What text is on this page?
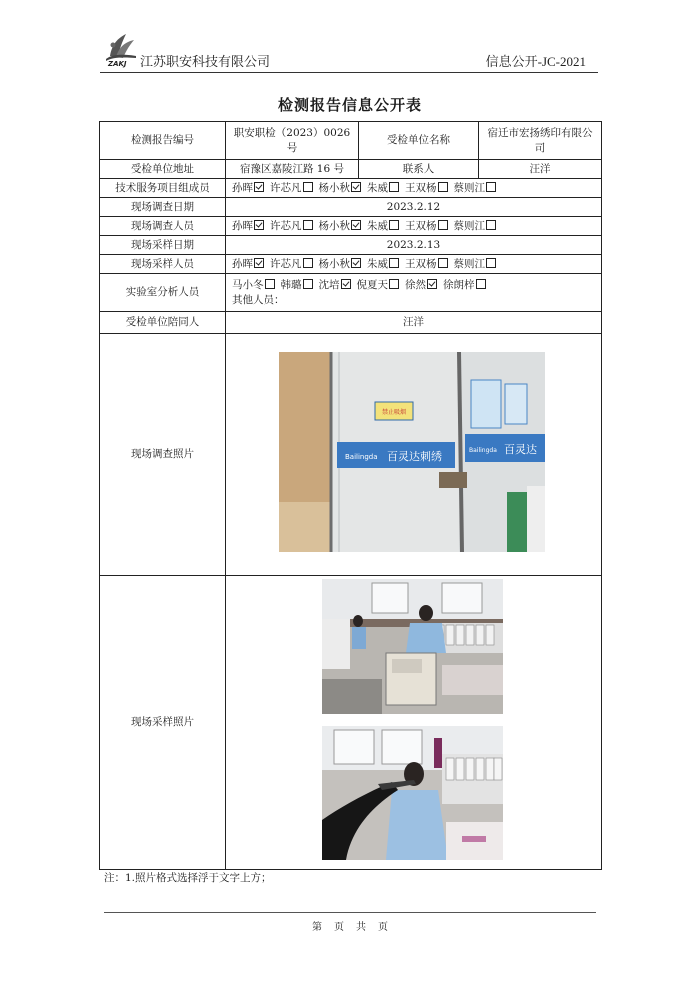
ZAKJ 江苏职安科技有限公司	信息公开-JC-2021
检测报告信息公开表
检测报告编号	职安职检（2023）0026 号	受检单位名称	宿迁市宏扬绣印有限公司
受检单位地址	宿豫区嘉陵江路 16 号	联系人	汪洋
技术服务项目组成员	孙晖 许芯凡 杨小秋 朱威 王双杨 蔡则江		
现场调查日期	2023.2.12		
现场调查人员	孙晖 许芯凡 杨小秋 朱威 王双杨 蔡则江		
现场采样日期	2023.2.13		
现场采样人员	孙晖 许芯凡 杨小秋 朱威 王双杨 蔡则江		
实验室分析人员	马小冬 韩璐 沈培 倪夏天 徐然 徐朗梓
其他人员：		

受检单位陪同人	汪洋		
现场调查照片			
现场采样照片			
禁止吸烟
Bailingda 百灵达刺绣	Bailingda 百灵达
注：1.照片格式选择浮于文字上方；
第 页 共 页
